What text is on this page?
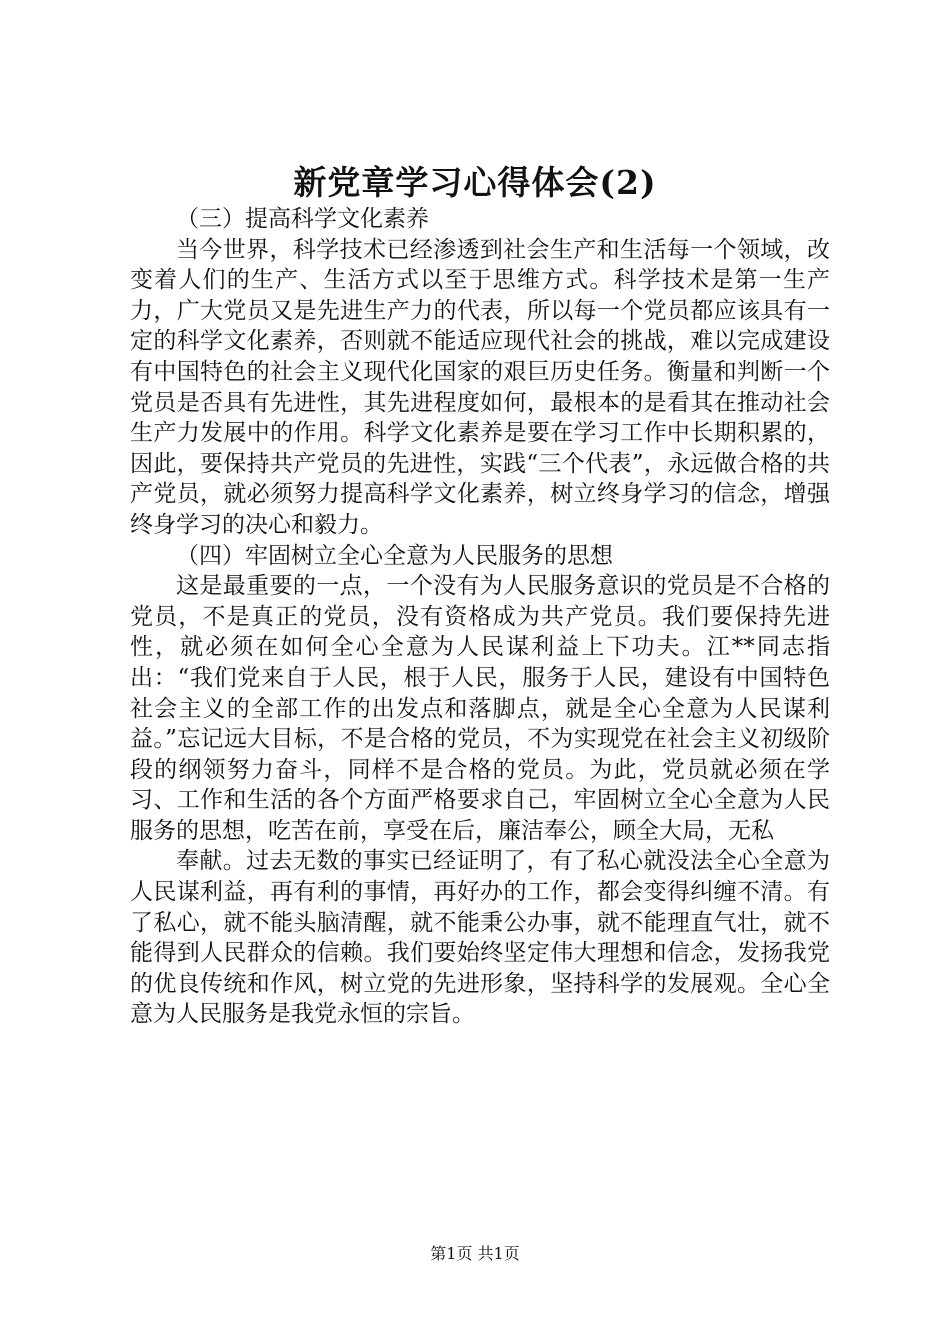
新党章学习心得体会(2)

（三）提高科学文化素养

当今世界，科学技术已经渗透到社会生产和生活每一个领域，改变着人们的生产、生活方式以至于思维方式。科学技术是第一生产力，广大党员又是先进生产力的代表，所以每一个党员都应该具有一定的科学文化素养，否则就不能适应现代社会的挑战，难以完成建设有中国特色的社会主义现代化国家的艰巨历史任务。衡量和判断一个党员是否具有先进性，其先进程度如何，最根本的是看其在推动社会生产力发展中的作用。科学文化素养是要在学习工作中长期积累的，因此，要保持共产党员的先进性，实践“三个代表”，永远做合格的共产党员，就必须努力提高科学文化素养，树立终身学习的信念，增强终身学习的决心和毅力。

（四）牢固树立全心全意为人民服务的思想

这是最重要的一点，一个没有为人民服务意识的党员是不合格的党员，不是真正的党员，没有资格成为共产党员。我们要保持先进性，就必须在如何全心全意为人民谋利益上下功夫。江**同志指出：“我们党来自于人民，根于人民，服务于人民，建设有中国特色社会主义的全部工作的出发点和落脚点，就是全心全意为人民谋利益。”忘记远大目标，不是合格的党员，不为实现党在社会主义初级阶段的纲领努力奋斗，同样不是合格的党员。为此，党员就必须在学习、工作和生活的各个方面严格要求自己，牢固树立全心全意为人民服务的思想，吃苦在前，享受在后，廉洁奉公，顾全大局，无私

奉献。过去无数的事实已经证明了，有了私心就没法全心全意为人民谋利益，再有利的事情，再好办的工作，都会变得纠缠不清。有了私心，就不能头脑清醒，就不能秉公办事，就不能理直气壮，就不能得到人民群众的信赖。我们要始终坚定伟大理想和信念，发扬我党的优良传统和作风，树立党的先进形象，坚持科学的发展观。全心全意为人民服务是我党永恒的宗旨。

第1页 共1页
